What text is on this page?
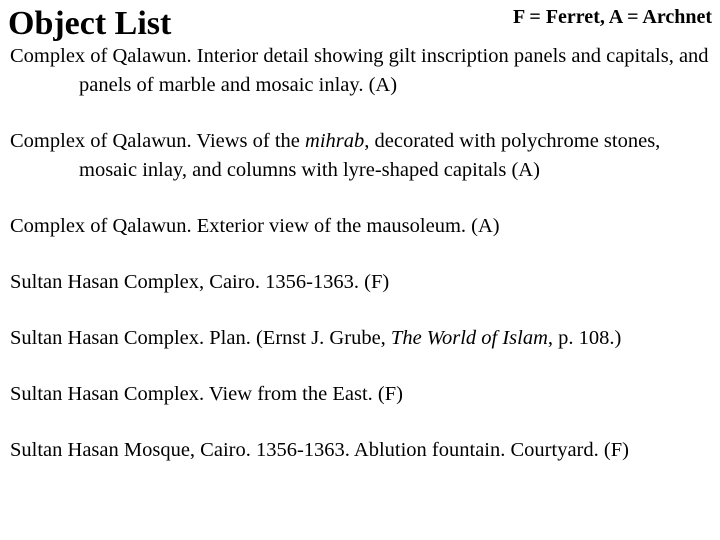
Object List	F = Ferret, A = Archnet

Complex of Qalawun. Interior detail showing gilt inscription panels and capitals, and panels of marble and mosaic inlay. (A)

Complex of Qalawun. Views of the mihrab, decorated with polychrome stones, mosaic inlay, and columns with lyre-shaped capitals (A)

Complex of Qalawun. Exterior view of the mausoleum. (A)

Sultan Hasan Complex, Cairo. 1356-1363. (F)

Sultan Hasan Complex. Plan. (Ernst J. Grube, The World of Islam, p. 108.)

Sultan Hasan Complex. View from the East. (F)

Sultan Hasan Mosque, Cairo. 1356-1363. Ablution fountain. Courtyard. (F)
